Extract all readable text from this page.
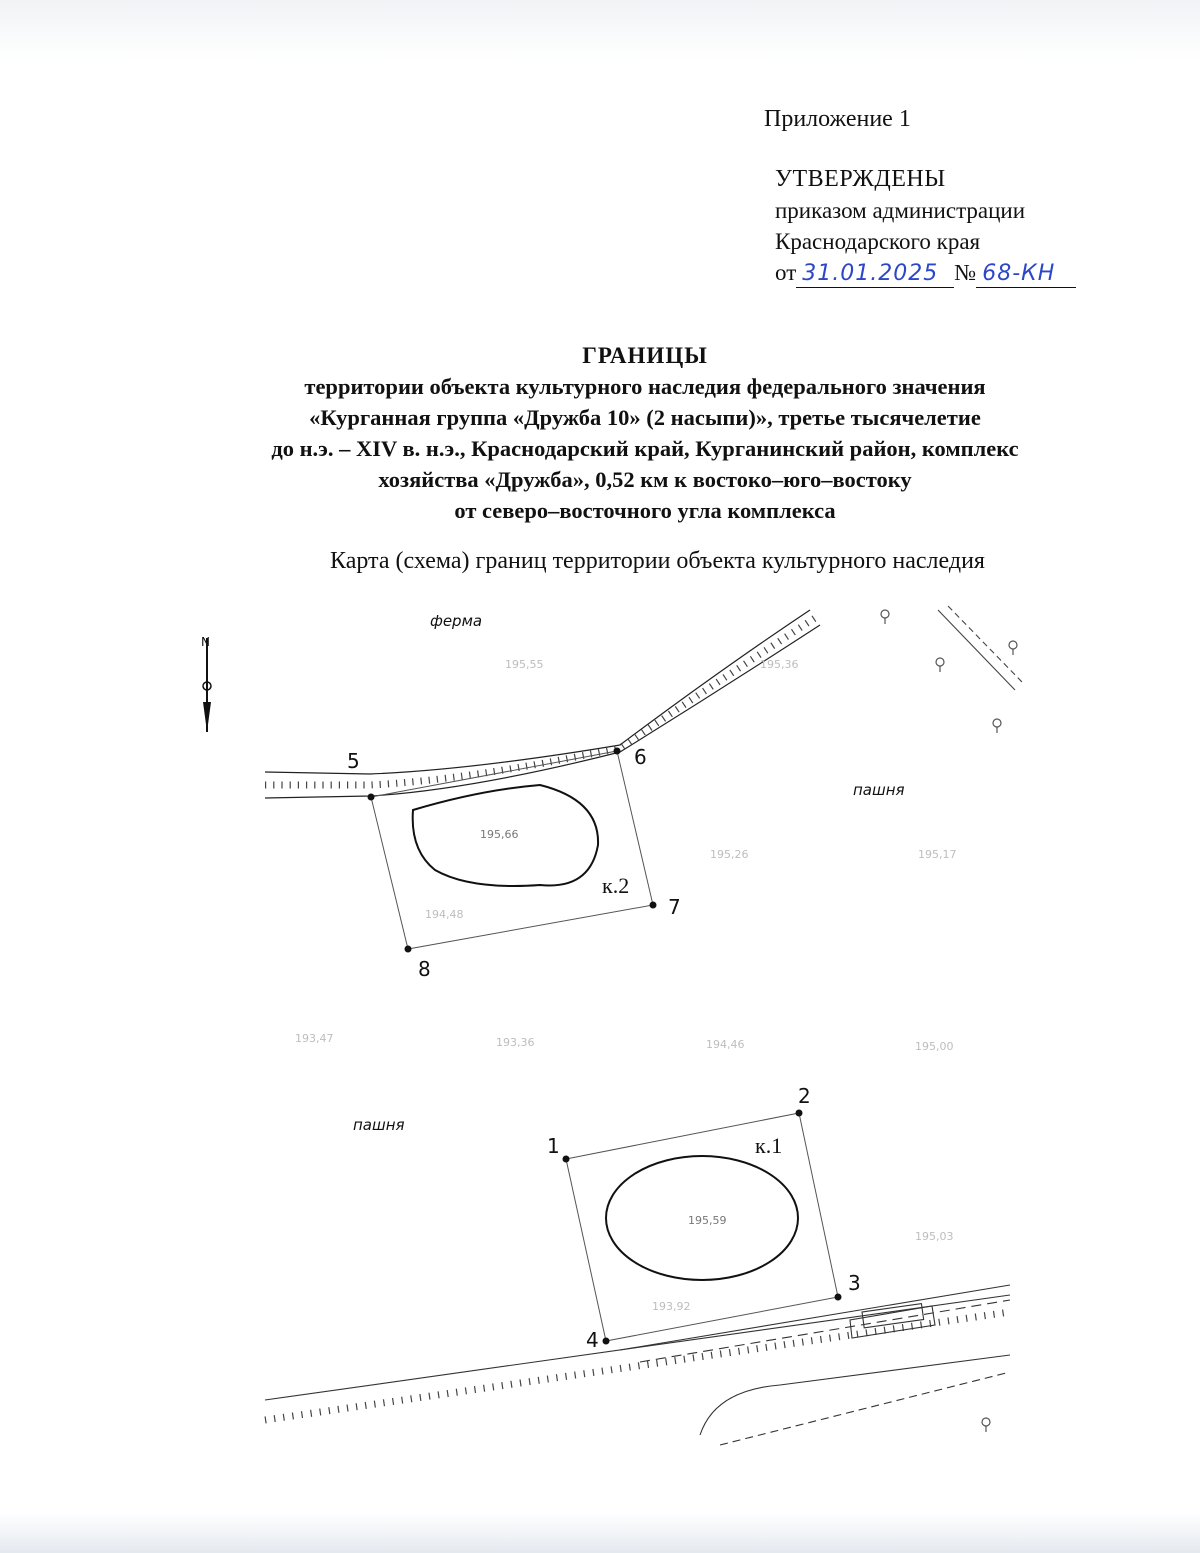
Приложение 1
УТВЕРЖДЕНЫ
приказом администрации
Краснодарского края
от 31.01.2025 № 68-КН
ГРАНИЦЫ
территории объекта культурного наследия федерального значения
«Курганная группа «Дружба 10» (2 насыпи)», третье тысячелетие
до н.э. – XIV в. н.э., Краснодарский край, Курганинский район, комплекс
хозяйства «Дружба», 0,52 км к востоко–юго–востоку
от северо–восточного угла комплекса
Карта (схема) границ территории объекта культурного наследия
N
ферма
пашня
пашня
к.2
к.1
1
2
3
4
5	6
7
8
195,55	195,36
195,66
195,26	195,17
194,48
193,47	193,36	194,46	195,00
195,59
195,03
193,92
